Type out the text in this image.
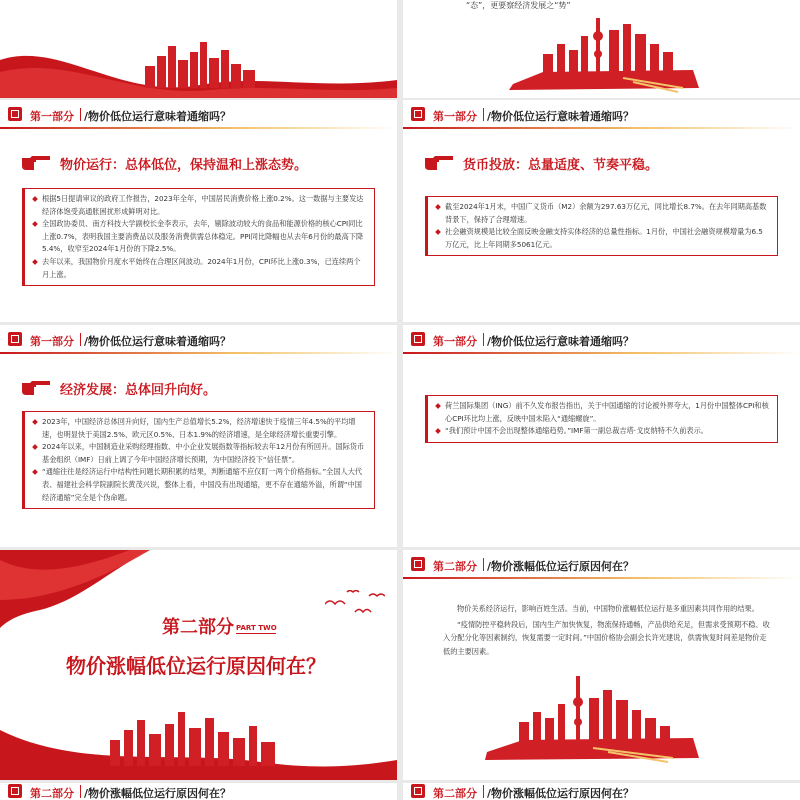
“态”，更要察经济发展之“势”
第一部分 /物价低位运行意味着通缩吗？
物价运行：总体低位，保持温和上涨态势。
根据5日提请审议的政府工作报告，2023年全年，中国居民消费价格上涨0.2%。这一数据与主要发达经济体饱受高通胀困扰形成鲜明对比。
全国政协委员、南方科技大学副校长金李表示，去年，剔除波动较大的食品和能源价格的核心CPI同比上涨0.7%，表明我国主要消费品以及服务消费供需总体稳定。PPI同比降幅也从去年6月份的最高下降5.4%，收窄至2024年1月份的下降2.5%。
去年以来，我国物价月度水平始终在合理区间波动。2024年1月份，CPI环比上涨0.3%，已连续两个月上涨。
第一部分 /物价低位运行意味着通缩吗？
货币投放：总量适度、节奏平稳。
截至2024年1月末，中国广义货币（M2）余额为297.63万亿元，同比增长8.7%。在去年同期高基数背景下，保持了合理增速。
社会融资规模是比较全面反映金融支持实体经济的总量性指标。1月份，中国社会融资规模增量为6.5万亿元，比上年同期多5061亿元。
第一部分 /物价低位运行意味着通缩吗？
经济发展：总体回升向好。
2023年，中国经济总体回升向好，国内生产总值增长5.2%，经济增速快于疫情三年4.5%的平均增速，也明显快于美国2.5%、欧元区0.5%、日本1.9%的经济增速，是全球经济增长重要引擎。
2024年以来，中国制造业采购经理指数、中小企业发展指数等指标较去年12月份有所回升。国际货币基金组织（IMF）日前上调了今年中国经济增长预期，为中国经济投下“信任票”。
“通缩往往是经济运行中结构性问题长期积累的结果，判断通缩不应仅盯一两个价格指标。”全国人大代表、福建社会科学院副院长黄茂兴说，整体上看，中国没有出现通缩，更不存在通缩外溢，所谓“中国经济通缩”完全是个伪命题。
第一部分 /物价低位运行意味着通缩吗？
荷兰国际集团（ING）前不久发布报告指出，关于中国通缩的讨论被外界夸大，1月份中国整体CPI和核心CPI环比均上涨，反映中国未陷入“通缩螺旋”。
“我们预计中国不会出现整体通缩趋势。”IMF第一副总裁吉塔·戈皮纳特不久前表示。
第二部分 PART TWO
物价涨幅低位运行原因何在？
第二部分 /物价涨幅低位运行原因何在？

物价关系经济运行，影响百姓生活。当前，中国物价涨幅低位运行是多重因素共同作用的结果。

“疫情防控平稳转段后，国内生产加快恢复，物流保持通畅，产品供给充足，但需求受预期不稳、收入分配分化等因素制约，恢复需要一定时间。”中国价格协会副会长许光建说，供需恢复时间差是物价走低的主要因素。

第二部分 /物价涨幅低位运行原因何在？	第二部分 /物价涨幅低位运行原因何在？
